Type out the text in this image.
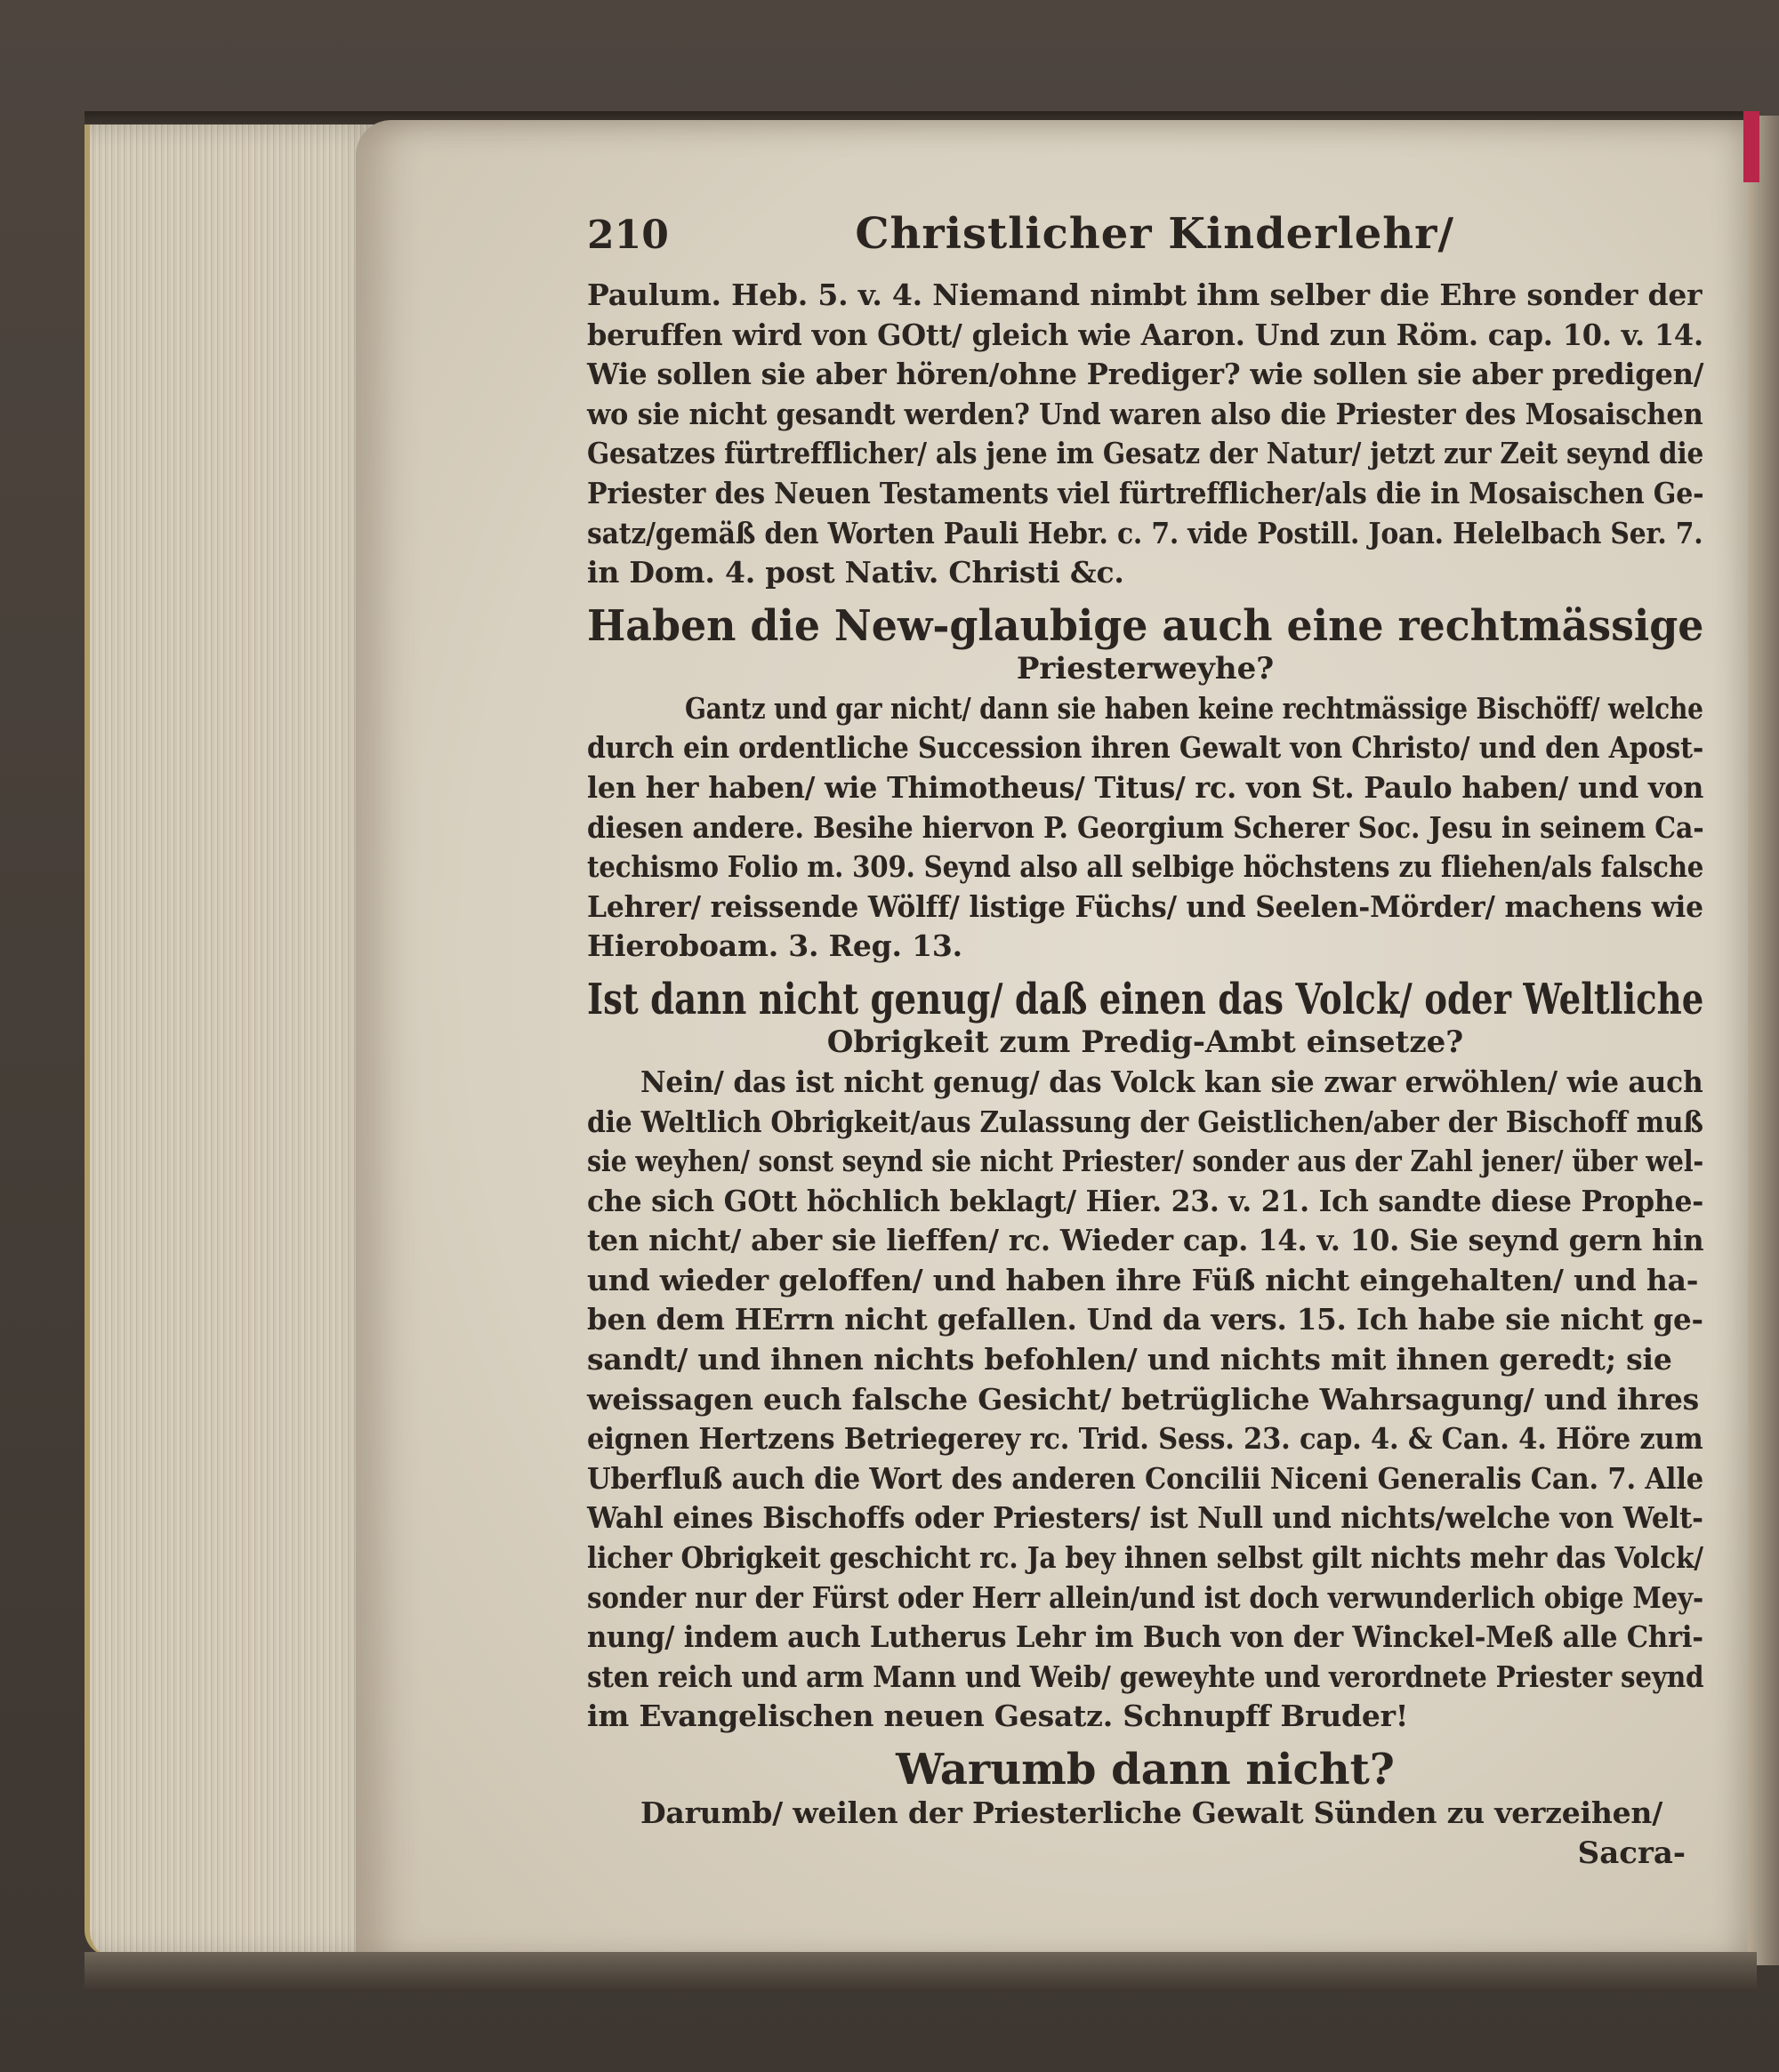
210	Christlicher Kinderlehr/
Paulum. Heb. 5. v. 4. Niemand nimbt ihm selber die Ehre sonder der
beruffen wird von GOtt/ gleich wie Aaron. Und zun Röm. cap. 10. v. 14.
Wie sollen sie aber hören/ohne Prediger? wie sollen sie aber predigen/
wo sie nicht gesandt werden? Und waren also die Priester des Mosaischen
Gesatzes fürtrefflicher/ als jene im Gesatz der Natur/ jetzt zur Zeit seynd die
Priester des Neuen Testaments viel fürtrefflicher/als die in Mosaischen Ge-
satz/gemäß den Worten Pauli Hebr. c. 7. vide Postill. Joan. Helelbach Ser. 7.
in Dom. 4. post Nativ. Christi &c.
Haben die New-glaubige auch eine rechtmässige
Priesterweyhe?
Gantz und gar nicht/ dann sie haben keine rechtmässige Bischöff/ welche
durch ein ordentliche Succession ihren Gewalt von Christo/ und den Apost-
len her haben/ wie Thimotheus/ Titus/ rc. von St. Paulo haben/ und von
diesen andere. Besihe hiervon P. Georgium Scherer Soc. Jesu in seinem Ca-
techismo Folio m. 309. Seynd also all selbige höchstens zu fliehen/als falsche
Lehrer/ reissende Wölff/ listige Füchs/ und Seelen-Mörder/ machens wie
Hieroboam. 3. Reg. 13.
Ist dann nicht genug/ daß einen das Volck/ oder Weltliche
Obrigkeit zum Predig-Ambt einsetze?
Nein/ das ist nicht genug/ das Volck kan sie zwar erwöhlen/ wie auch
die Weltlich Obrigkeit/aus Zulassung der Geistlichen/aber der Bischoff muß
sie weyhen/ sonst seynd sie nicht Priester/ sonder aus der Zahl jener/ über wel-
che sich GOtt höchlich beklagt/ Hier. 23. v. 21. Ich sandte diese Prophe-
ten nicht/ aber sie lieffen/ rc. Wieder cap. 14. v. 10. Sie seynd gern hin
und wieder geloffen/ und haben ihre Füß nicht eingehalten/ und ha-
ben dem HErrn nicht gefallen. Und da vers. 15. Ich habe sie nicht ge-
sandt/ und ihnen nichts befohlen/ und nichts mit ihnen geredt; sie
weissagen euch falsche Gesicht/ betrügliche Wahrsagung/ und ihres
eignen Hertzens Betriegerey rc. Trid. Sess. 23. cap. 4. & Can. 4. Höre zum
Uberfluß auch die Wort des anderen Concilii Niceni Generalis Can. 7. Alle
Wahl eines Bischoffs oder Priesters/ ist Null und nichts/welche von Welt-
licher Obrigkeit geschicht rc. Ja bey ihnen selbst gilt nichts mehr das Volck/
sonder nur der Fürst oder Herr allein/und ist doch verwunderlich obige Mey-
nung/ indem auch Lutherus Lehr im Buch von der Winckel-Meß alle Chri-
sten reich und arm Mann und Weib/ geweyhte und verordnete Priester seynd
im Evangelischen neuen Gesatz. Schnupff Bruder!
Warumb dann nicht?
Darumb/ weilen der Priesterliche Gewalt Sünden zu verzeihen/
Sacra-
